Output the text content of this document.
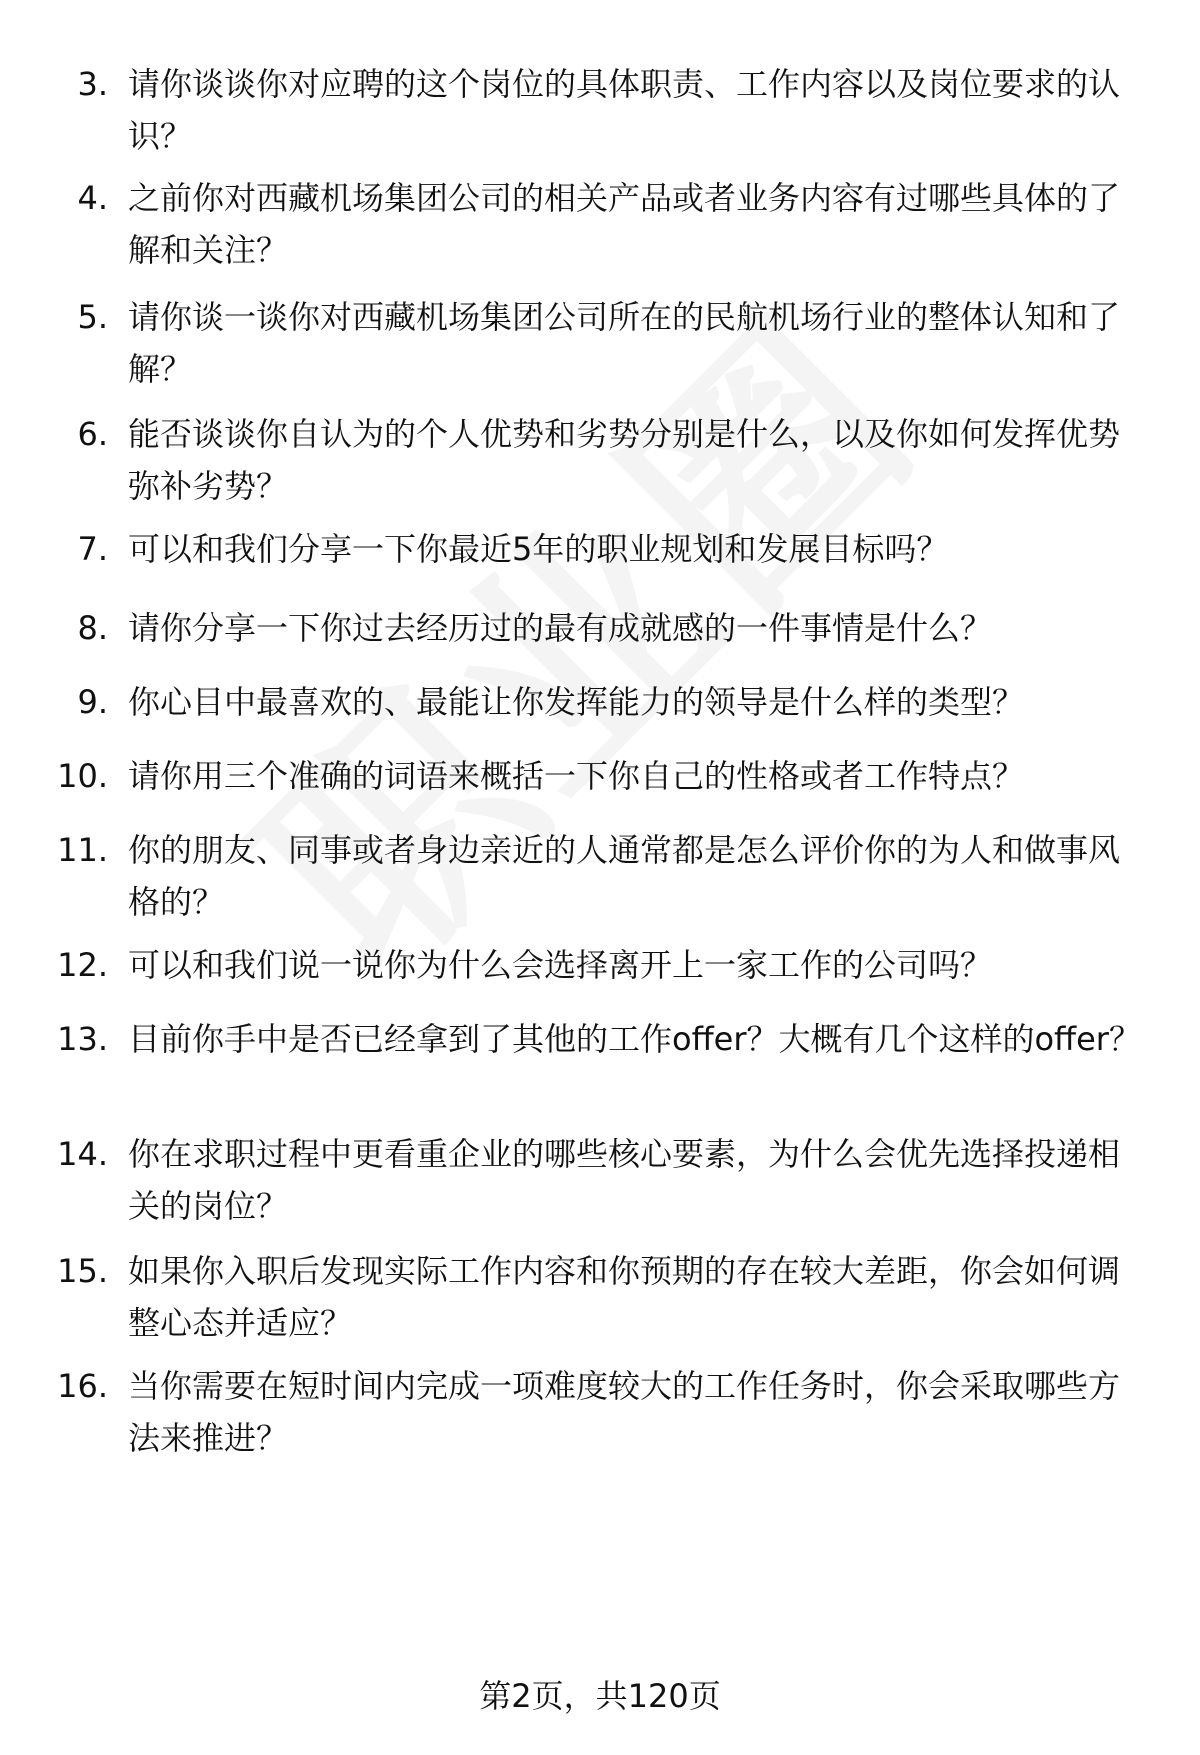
3. 请你谈谈你对应聘的这个岗位的具体职责、工作内容以及岗位要求的认识？
4. 之前你对西藏机场集团公司的相关产品或者业务内容有过哪些具体的了解和关注？
5. 请你谈一谈你对西藏机场集团公司所在的民航机场行业的整体认知和了解？
6. 能否谈谈你自认为的个人优势和劣势分别是什么，以及你如何发挥优势弥补劣势？
7. 可以和我们分享一下你最近5年的职业规划和发展目标吗？
8. 请你分享一下你过去经历过的最有成就感的一件事情是什么？
9. 你心目中最喜欢的、最能让你发挥能力的领导是什么样的类型？
10. 请你用三个准确的词语来概括一下你自己的性格或者工作特点？
11. 你的朋友、同事或者身边亲近的人通常都是怎么评价你的为人和做事风格的？
12. 可以和我们说一说你为什么会选择离开上一家工作的公司吗？
13. 目前你手中是否已经拿到了其他的工作offer？大概有几个这样的offer？
14. 你在求职过程中更看重企业的哪些核心要素，为什么会优先选择投递相关的岗位？
15. 如果你入职后发现实际工作内容和你预期的存在较大差距，你会如何调整心态并适应？
16. 当你需要在短时间内完成一项难度较大的工作任务时，你会采取哪些方法来推进？
第2页，共120页
